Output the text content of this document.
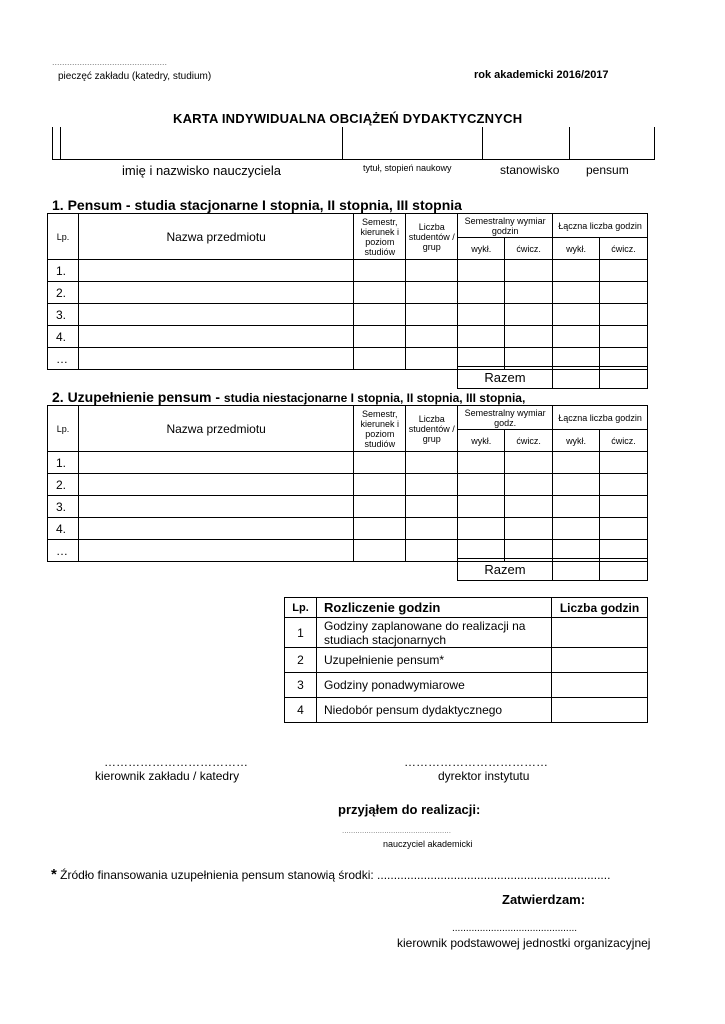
..............................................
pieczęć zakładu (katedry, studium)	rok akademicki 2016/2017
KARTA INDYWIDUALNA OBCIĄŻEŃ DYDAKTYCZNYCH
imię i nazwisko nauczyciela	tytuł, stopień naukowy	stanowisko pensum
1. Pensum - studia stacjonarne I stopnia, II stopnia, III stopnia
Lp.	Nazwa przedmiotu	Semestr, kierunek i poziom studiów	Liczba studentów / grup	Semestralny wymiar godzin		Łączna liczba godzin	
				wykł.	ćwicz.	wykł.	ćwicz.
1.							
2.							
3.							
4.							
…							
Razem		
2. Uzupełnienie pensum - studia niestacjonarne I stopnia, II stopnia, III stopnia,
Lp.	Nazwa przedmiotu	Semestr, kierunek i poziom studiów	Liczba studentów / grup	Semestralny wymiar godz.		Łączna liczba godzin	
				wykł.	ćwicz.	wykł.	ćwicz.
1.							
2.							
3.							
4.							
…							
Razem		
Lp.	Rozliczenie godzin	Liczba godzin
1	Godziny zaplanowane do realizacji na studiach stacjonarnych	
2	Uzupełnienie pensum*	
3	Godziny ponadwymiarowe	
4	Niedobór pensum dydaktycznego	
………………………………
kierownik zakładu / katedry
………………………………
dyrektor instytutu
przyjąłem do realizacji:
.................................................
nauczyciel akademicki
* Źródło finansowania uzupełnienia pensum stanowią środki: ......................................................................
Zatwierdzam:
.............................................
kierownik podstawowej jednostki organizacyjnej
